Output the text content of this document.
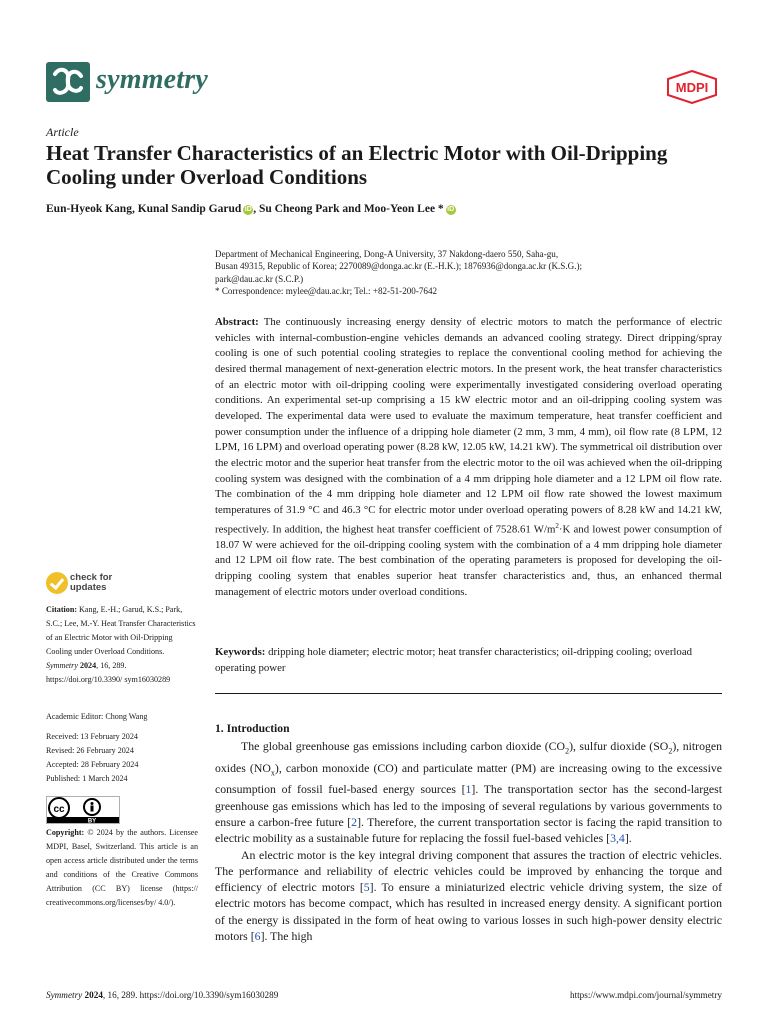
symmetry	MDPI
Article
Heat Transfer Characteristics of an Electric Motor with Oil-Dripping Cooling under Overload Conditions
Eun-Hyeok Kang, Kunal Sandip Garud iD , Su Cheong Park and Moo-Yeon Lee * iD
Department of Mechanical Engineering, Dong-A University, 37 Nakdong-daero 550, Saha-gu,
Busan 49315, Republic of Korea; 2270089@donga.ac.kr (E.-H.K.); 1876936@donga.ac.kr (K.S.G.);
park@dau.ac.kr (S.C.P.)
* Correspondence: mylee@dau.ac.kr; Tel.: +82-51-200-7642
Abstract: The continuously increasing energy density of electric motors to match the performance of electric vehicles with internal-combustion-engine vehicles demands an advanced cooling strategy. Direct dripping/spray cooling is one of such potential cooling strategies to replace the conventional cooling method for achieving the desired thermal management of next-generation electric motors. In the present work, the heat transfer characteristics of an electric motor with oil-dripping cooling were experimentally investigated considering overload operating conditions. An experimental set-up comprising a 15 kW electric motor and an oil-dripping cooling system was developed. The experimental data were used to evaluate the maximum temperature, heat transfer coefficient and power consumption under the influence of a dripping hole diameter (2 mm, 3 mm, 4 mm), oil flow rate (8 LPM, 12 LPM, 16 LPM) and overload operating power (8.28 kW, 12.05 kW, 14.21 kW). The symmetrical oil distribution over the electric motor and the superior heat transfer from the electric motor to the oil was achieved when the oil-dripping cooling system was designed with the combination of a 4 mm dripping hole diameter and a 12 LPM oil flow rate. The combination of the 4 mm dripping hole diameter and 12 LPM oil flow rate showed the lowest maximum temperatures of 31.9 °C and 46.3 °C for electric motor under overload operating powers of 8.28 kW and 14.21 kW, respectively. In addition, the highest heat transfer coefficient of 7528.61 $W/m^2\cdot K$ and lowest power consumption of 18.07 W were achieved for the oil-dripping cooling system with the combination of a 4 mm dripping hole diameter and 12 LPM oil flow rate. The best combination of the operating parameters is proposed for developing the oil-dripping cooling system that enables superior heat transfer characteristics and, thus, an enhanced thermal management of electric motors under overload conditions.
Keywords: dripping hole diameter; electric motor; heat transfer characteristics; oil-dripping cooling; overload operating power
check for
updates
Citation: Kang, E.-H.; Garud, K.S.; Park, S.C.; Lee, M.-Y. Heat Transfer Characteristics of an Electric Motor with Oil-Dripping Cooling under Overload Conditions. Symmetry 2024, 16, 289. https://doi.org/10.3390/ sym16030289
Academic Editor: Chong Wang
Received: 13 February 2024
Revised: 26 February 2024
Accepted: 28 February 2024
Published: 1 March 2024
cc
BY
Copyright: © 2024 by the authors. Licensee MDPI, Basel, Switzerland. This article is an open access article distributed under the terms and conditions of the Creative Commons Attribution (CC BY) license (https:// creativecommons.org/licenses/by/ 4.0/).
1. Introduction

The global greenhouse gas emissions including carbon dioxide $(CO_2)$, sulfur dioxide $(SO_2)$, nitrogen oxides $(NO_x)$, carbon monoxide (CO) and particulate matter (PM) are increasing owing to the excessive consumption of fossil fuel-based energy sources [1]. The transportation sector has the second-largest greenhouse gas emissions which has led to the imposing of several regulations by various governments to ensure a carbon-free future [2]. Therefore, the current transportation sector is facing the rapid transition to electric mobility as a sustainable future for replacing the fossil fuel-based vehicles [3,4].

An electric motor is the key integral driving component that assures the traction of electric vehicles. The performance and reliability of electric vehicles could be improved by enhancing the torque and efficiency of electric motors [5]. To ensure a miniaturized electric vehicle driving system, the size of electric motors has become compact, which has resulted in increased energy density. A significant portion of the energy is dissipated in the form of heat owing to various losses in such high-power density electric motors [6]. The high

Symmetry 2024, 16, 289. https://doi.org/10.3390/sym16030289	https://www.mdpi.com/journal/symmetry
